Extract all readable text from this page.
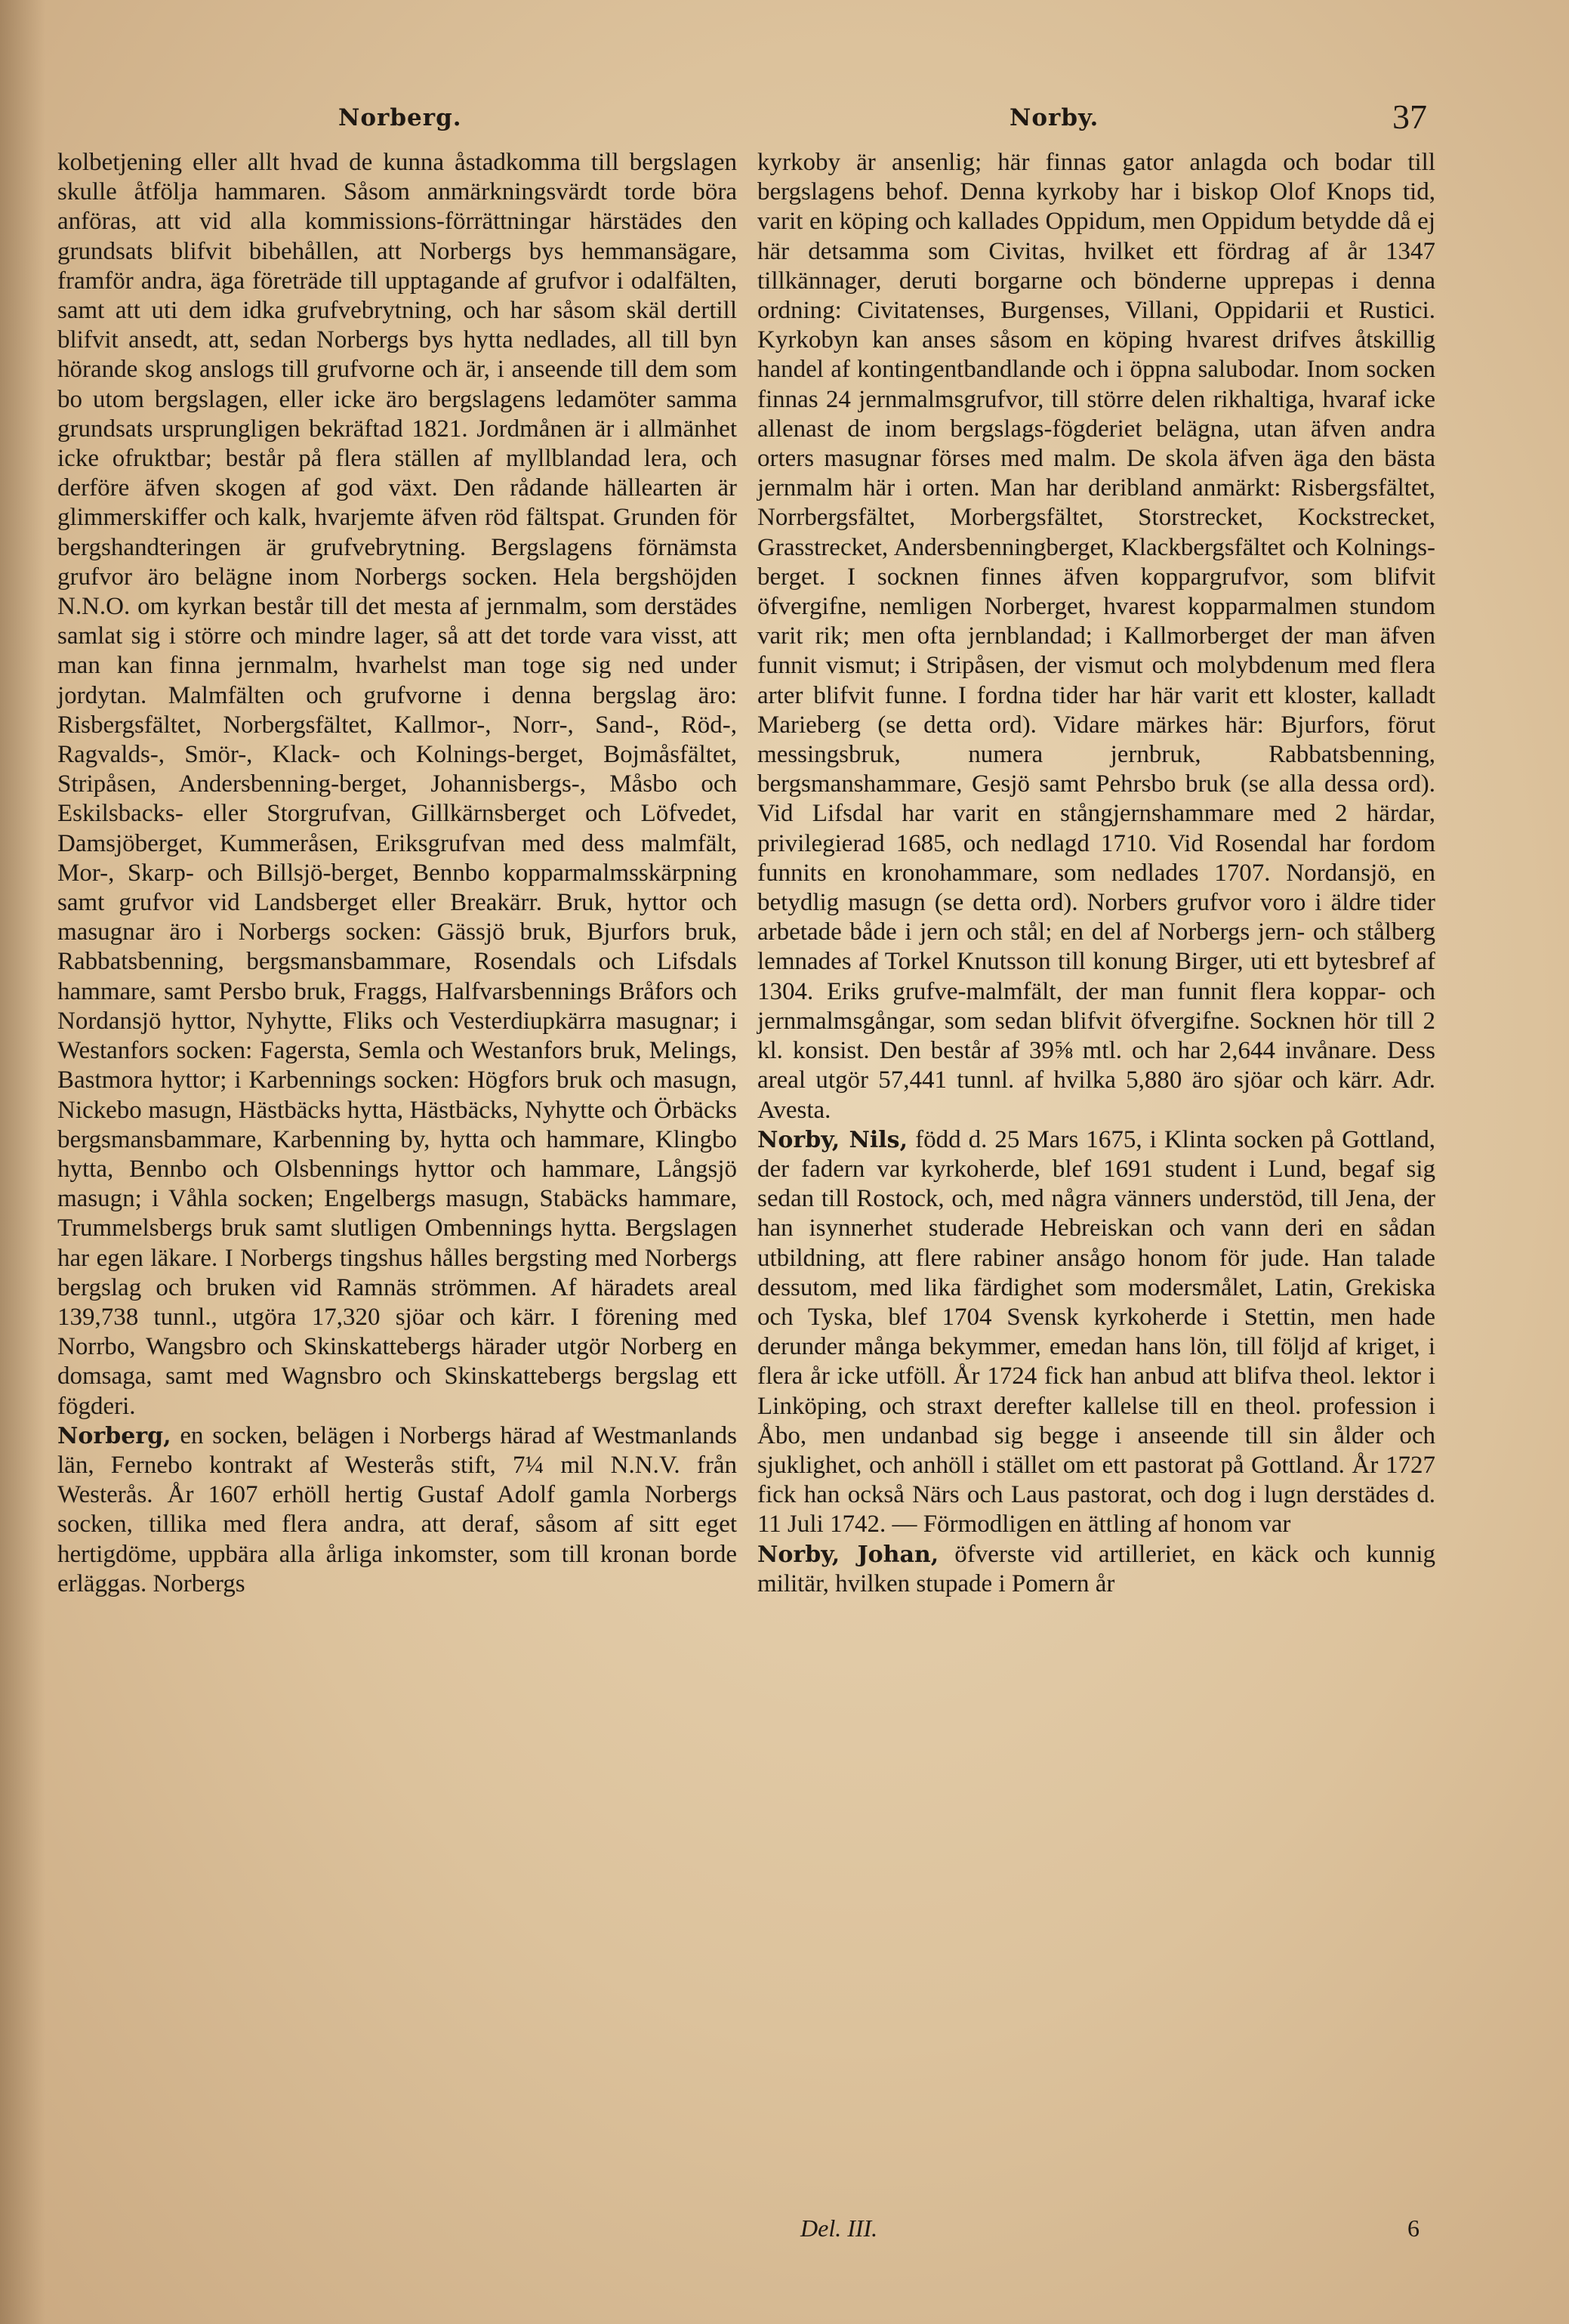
Norberg.	Norby.	37

kolbetjening eller allt hvad de kunna åstadkomma till bergslagen skulle åtfölja hammaren. Såsom anmärkningsvärdt torde böra anföras, att vid alla kommissions-förrättningar härstädes den grundsats blifvit bibehållen, att Norbergs bys hemmansägare, framför andra, äga företräde till upptagande af grufvor i odalfälten, samt att uti dem idka grufvebrytning, och har såsom skäl dertill blifvit ansedt, att, sedan Norbergs bys hytta nedlades, all till byn hörande skog anslogs till grufvorne och är, i anseende till dem som bo utom bergslagen, eller icke äro bergslagens ledamöter samma grundsats ursprungligen bekräftad 1821. Jordmånen är i allmänhet icke ofruktbar; består på flera ställen af myllblandad lera, och derföre äfven skogen af god växt. Den rådande hällearten är glimmerskiffer och kalk, hvarjemte äfven röd fältspat. Grunden för bergshandteringen är grufvebrytning. Bergslagens förnämsta grufvor äro belägne inom Norbergs socken. Hela bergshöjden N.N.O. om kyrkan består till det mesta af jernmalm, som derstädes samlat sig i större och mindre lager, så att det torde vara visst, att man kan finna jernmalm, hvarhelst man toge sig ned under jordytan. Malmfälten och grufvorne i denna bergslag äro: Risbergsfältet, Norbergsfältet, Kallmor-, Norr-, Sand-, Röd-, Ragvalds-, Smör-, Klack- och Kolnings-berget, Bojmåsfältet, Stripåsen, Andersbenning-berget, Johannisbergs-, Måsbo och Eskilsbacks- eller Storgrufvan, Gillkärnsberget och Löfvedet, Damsjöberget, Kummeråsen, Eriksgrufvan med dess malmfält, Mor-, Skarp- och Billsjö-berget, Bennbo kopparmalmsskärpning samt grufvor vid Landsberget eller Breakärr. Bruk, hyttor och masugnar äro i Norbergs socken: Gässjö bruk, Bjurfors bruk, Rabbatsbenning, bergsmansbammare, Rosendals och Lifsdals hammare, samt Persbo bruk, Fraggs, Halfvarsbennings Bråfors och Nordansjö hyttor, Nyhytte, Fliks och Vesterdiupkärra masugnar; i Westanfors socken: Fagersta, Semla och Westanfors bruk, Melings, Bastmora hyttor; i Karbennings socken: Högfors bruk och masugn, Nickebo masugn, Hästbäcks hytta, Hästbäcks, Nyhytte och Örbäcks bergsmansbammare, Karbenning by, hytta och hammare, Klingbo hytta, Bennbo och Olsbennings hyttor och hammare, Långsjö masugn; i Våhla socken; Engelbergs masugn, Stabäcks hammare, Trummelsbergs bruk samt slutligen Ombennings hytta. Bergslagen har egen läkare. I Norbergs tingshus hålles bergsting med Norbergs bergslag och bruken vid Ramnäs strömmen. Af häradets areal 139,738 tunnl., utgöra 17,320 sjöar och kärr. I förening med Norrbo, Wangsbro och Skinskattebergs härader utgör Norberg en domsaga, samt med Wagnsbro och Skinskattebergs bergslag ett fögderi.

Norberg, en socken, belägen i Norbergs härad af Westmanlands län, Fernebo kontrakt af Westerås stift, 7¼ mil N.N.V. från Westerås. År 1607 erhöll hertig Gustaf Adolf gamla Norbergs socken, tillika med flera andra, att deraf, såsom af sitt eget hertigdöme, uppbära alla årliga inkomster, som till kronan borde erläggas. Norbergs

kyrkoby är ansenlig; här finnas gator anlagda och bodar till bergslagens behof. Denna kyrkoby har i biskop Olof Knops tid, varit en köping och kallades Oppidum, men Oppidum betydde då ej här detsamma som Civitas, hvilket ett fördrag af år 1347 tillkännager, deruti borgarne och bönderne upprepas i denna ordning: Civitatenses, Burgenses, Villani, Oppidarii et Rustici. Kyrkobyn kan anses såsom en köping hvarest drifves åtskillig handel af kontingentbandlande och i öppna salubodar. Inom socken finnas 24 jernmalmsgrufvor, till större delen rikhaltiga, hvaraf icke allenast de inom bergslags-fögderiet belägna, utan äfven andra orters masugnar förses med malm. De skola äfven äga den bästa jernmalm här i orten. Man har deribland anmärkt: Risbergsfältet, Norrbergsfältet, Morbergsfältet, Storstrecket, Kockstrecket, Grasstrecket, Andersbenningberget, Klackbergsfältet och Kolnings-berget. I socknen finnes äfven koppargrufvor, som blifvit öfvergifne, nemligen Norberget, hvarest kopparmalmen stundom varit rik; men ofta jernblandad; i Kallmorberget der man äfven funnit vismut; i Stripåsen, der vismut och molybdenum med flera arter blifvit funne. I fordna tider har här varit ett kloster, kalladt Marieberg (se detta ord). Vidare märkes här: Bjurfors, förut messingsbruk, numera jernbruk, Rabbatsbenning, bergsmanshammare, Gesjö samt Pehrsbo bruk (se alla dessa ord). Vid Lifsdal har varit en stångjernshammare med 2 härdar, privilegierad 1685, och nedlagd 1710. Vid Rosendal har fordom funnits en kronohammare, som nedlades 1707. Nordansjö, en betydlig masugn (se detta ord). Norbers grufvor voro i äldre tider arbetade både i jern och stål; en del af Norbergs jern- och stålberg lemnades af Torkel Knutsson till konung Birger, uti ett bytesbref af 1304. Eriks grufve-malmfält, der man funnit flera koppar- och jernmalmsgångar, som sedan blifvit öfvergifne. Socknen hör till 2 kl. konsist. Den består af 39⅝ mtl. och har 2,644 invånare. Dess areal utgör 57,441 tunnl. af hvilka 5,880 äro sjöar och kärr. Adr. Avesta.

Norby, Nils, född d. 25 Mars 1675, i Klinta socken på Gottland, der fadern var kyrkoherde, blef 1691 student i Lund, begaf sig sedan till Rostock, och, med några vänners understöd, till Jena, der han isynnerhet studerade Hebreiskan och vann deri en sådan utbildning, att flere rabiner ansågo honom för jude. Han talade dessutom, med lika färdighet som modersmålet, Latin, Grekiska och Tyska, blef 1704 Svensk kyrkoherde i Stettin, men hade derunder många bekymmer, emedan hans lön, till följd af kriget, i flera år icke utföll. År 1724 fick han anbud att blifva theol. lektor i Linköping, och straxt derefter kallelse till en theol. profession i Åbo, men undanbad sig begge i anseende till sin ålder och sjuklighet, och anhöll i stället om ett pastorat på Gottland. År 1727 fick han också Närs och Laus pastorat, och dog i lugn derstädes d. 11 Juli 1742. — Förmodligen en ättling af honom var

Norby, Johan, öfverste vid artilleriet, en käck och kunnig militär, hvilken stupade i Pomern år

Del. III.	6
